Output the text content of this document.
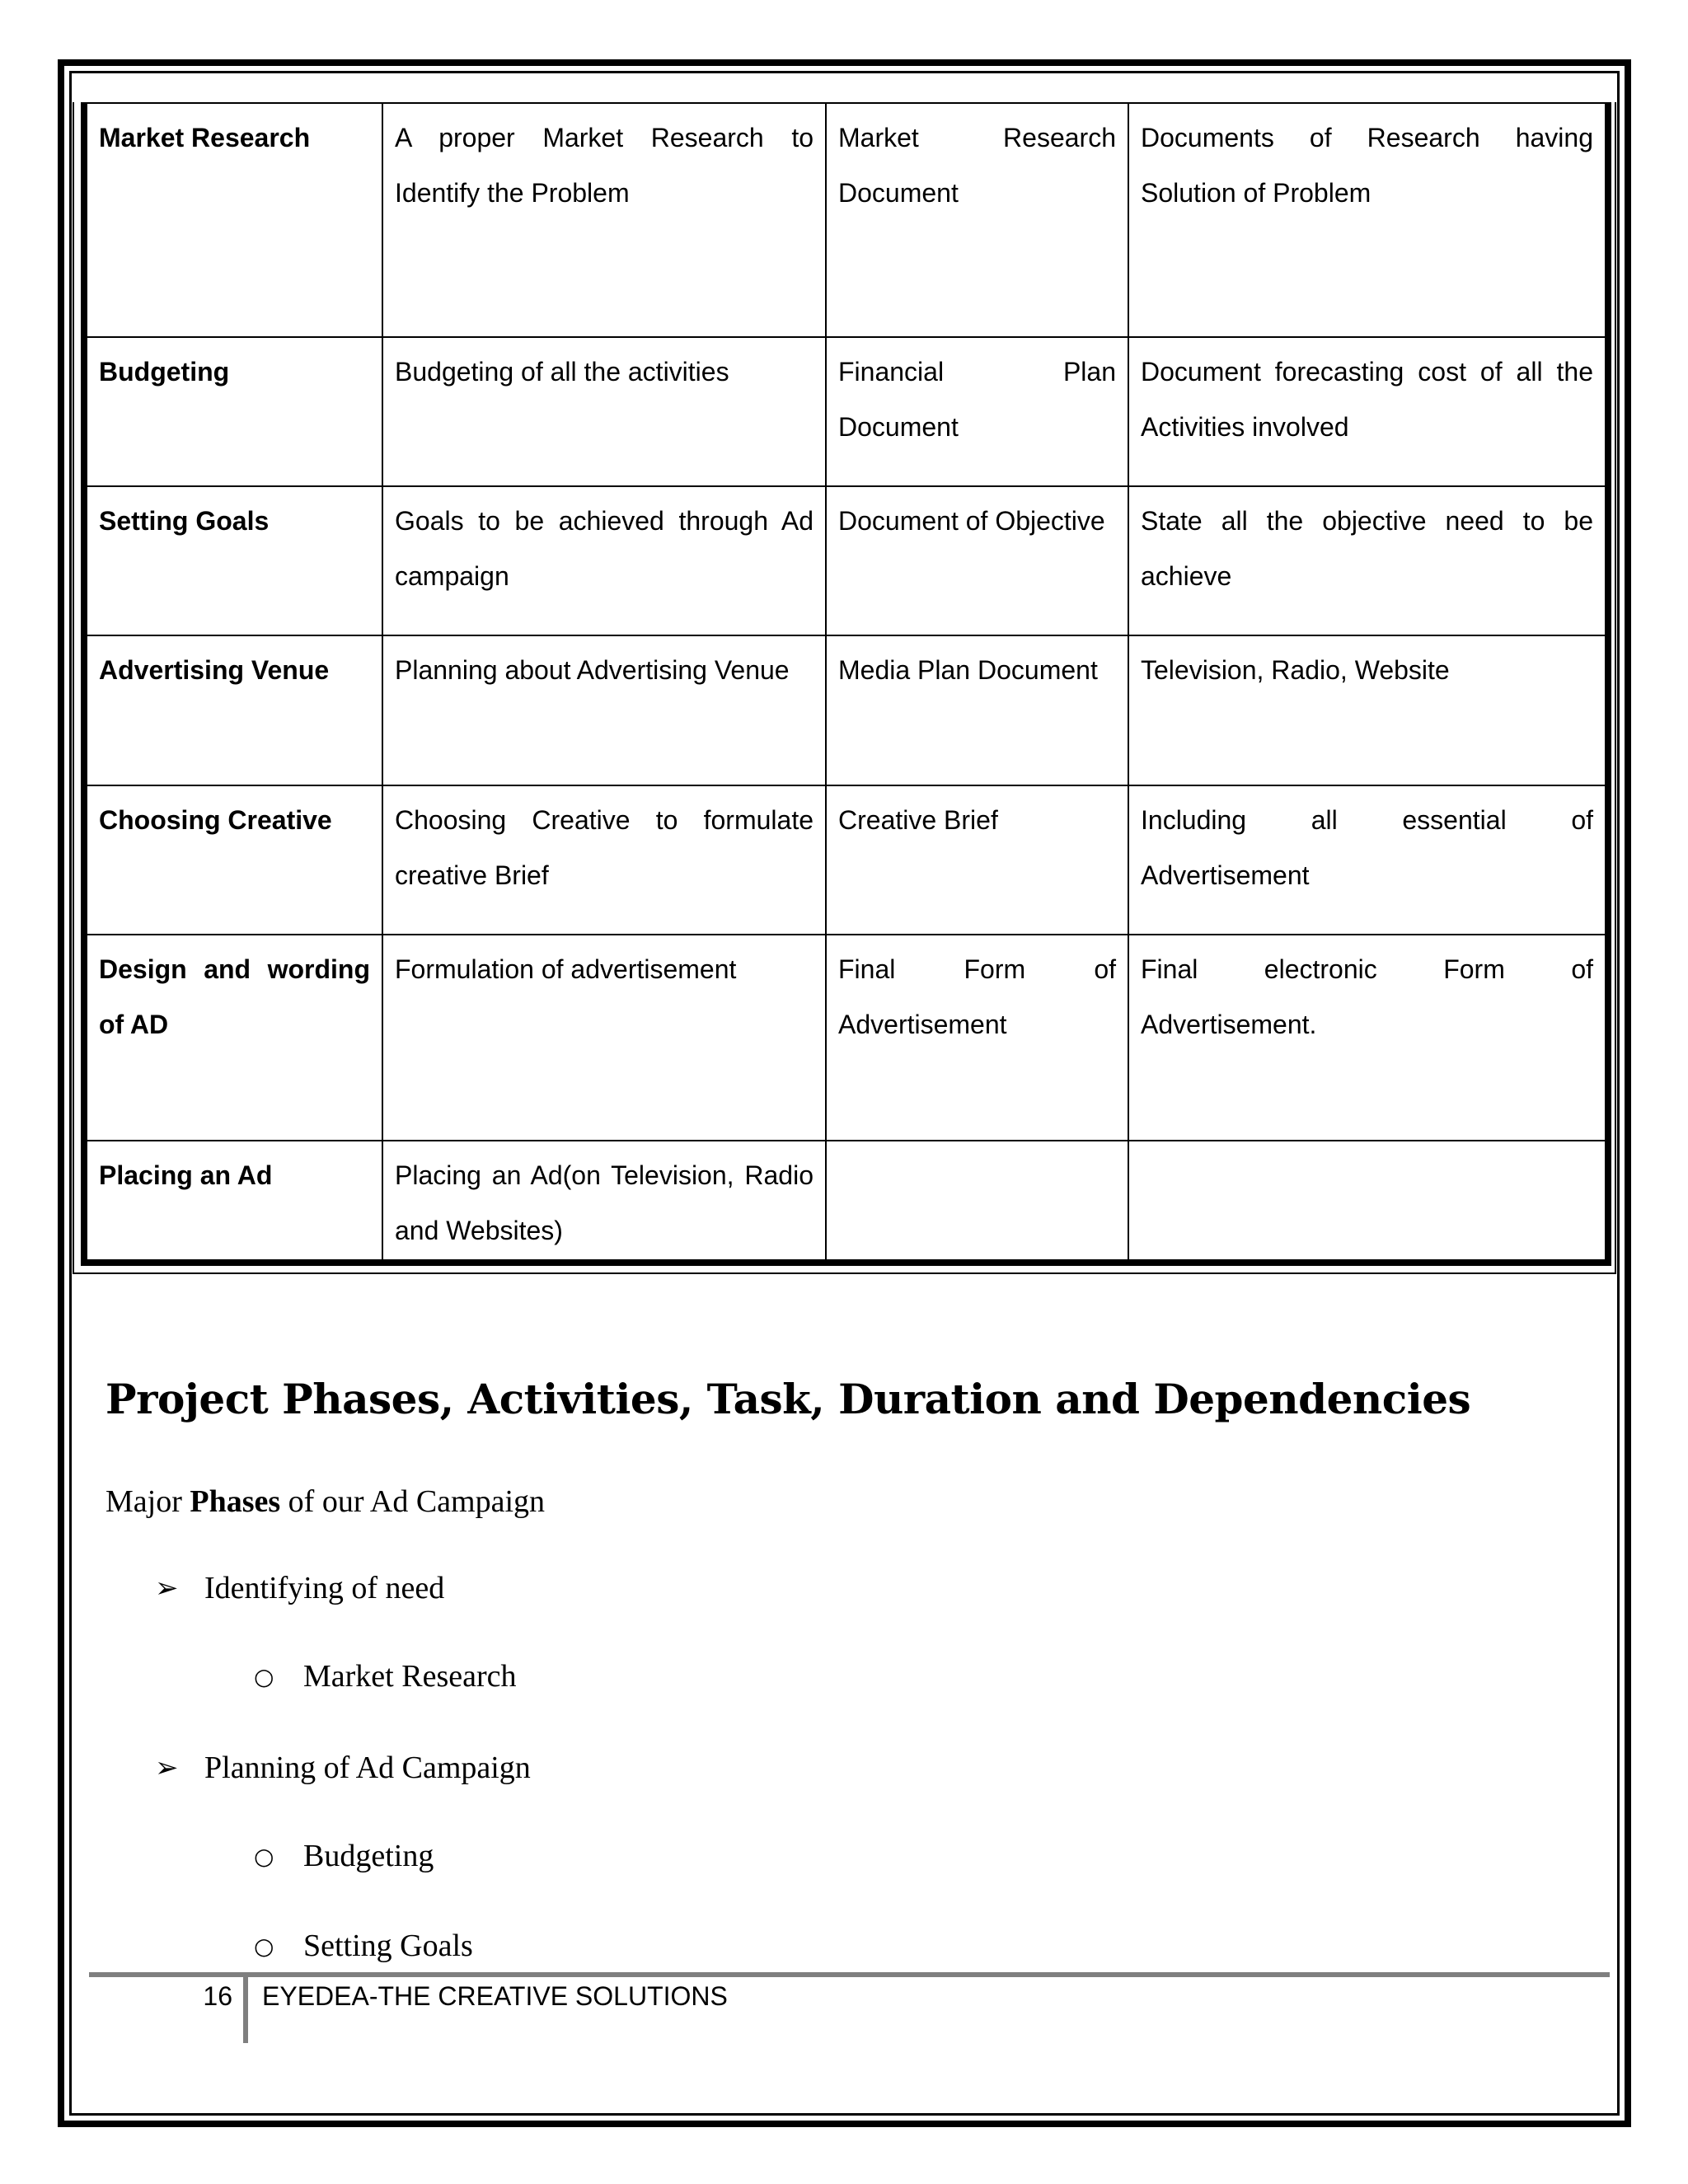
Market Research	A proper Market Research to Identify the Problem	Market Research Document	Documents of Research having Solution of Problem
Budgeting	Budgeting of all the activities	Financial Plan Document	Document forecasting cost of all the Activities involved
Setting Goals	Goals to be achieved through Ad campaign	Document of Objective	State all the objective need to be achieve
Advertising Venue	Planning about Advertising Venue	Media Plan Document	Television, Radio, Website
Choosing Creative	Choosing Creative to formulate creative Brief	Creative Brief	Including all essential of Advertisement
Design and wording of AD	Formulation of advertisement	Final Form of Advertisement	Final electronic Form of Advertisement.
Placing an Ad	Placing an Ad(on Television, Radio and Websites)		
Project Phases, Activities, Task, Duration and Dependencies
Major Phases of our Ad Campaign
➢ Identifying of need
○ Market Research
➢ Planning of Ad Campaign
○ Budgeting
○ Setting Goals
16 EYEDEA-THE CREATIVE SOLUTIONS
